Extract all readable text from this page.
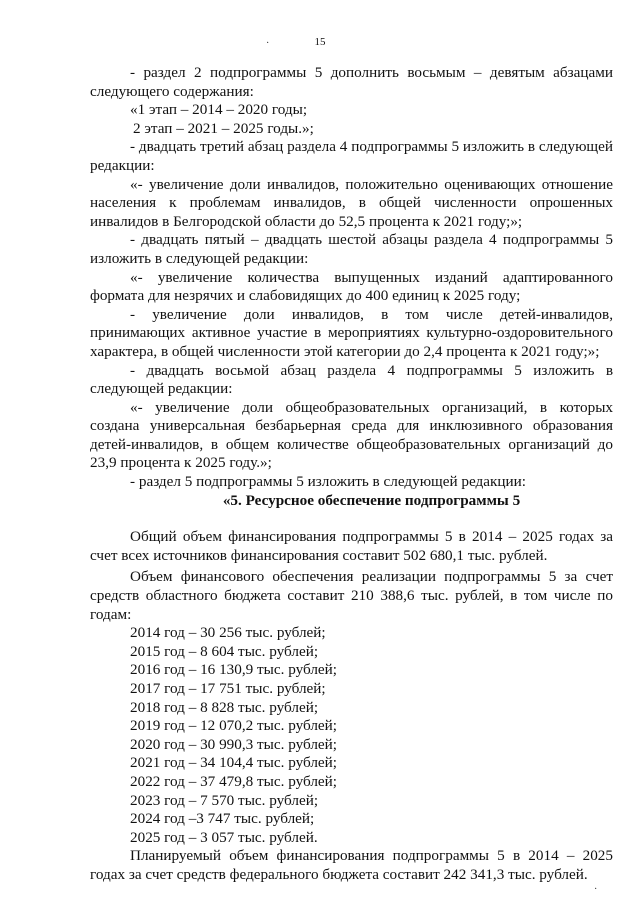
15

- раздел 2 подпрограммы 5 дополнить восьмым – девятым абзацами следующего содержания:

«1 этап – 2014 – 2020 годы;

2 этап – 2021 – 2025 годы.»;

- двадцать третий абзац раздела 4 подпрограммы 5 изложить в следующей редакции:

«- увеличение доли инвалидов, положительно оценивающих отношение населения к проблемам инвалидов, в общей численности опрошенных инвалидов в Белгородской области до 52,5 процента к 2021 году;»;

- двадцать пятый – двадцать шестой абзацы раздела 4 подпрограммы 5 изложить в следующей редакции:

«- увеличение количества выпущенных изданий адаптированного формата для незрячих и слабовидящих до 400 единиц к 2025 году;

- увеличение доли инвалидов, в том числе детей-инвалидов, принимающих активное участие в мероприятиях культурно-оздоровительного характера, в общей численности этой категории до 2,4 процента к 2021 году;»;

- двадцать восьмой абзац раздела 4 подпрограммы 5 изложить в следующей редакции:

«- увеличение доли общеобразовательных организаций, в которых создана универсальная безбарьерная среда для инклюзивного образования детей-инвалидов, в общем количестве общеобразовательных организаций до 23,9 процента к 2025 году.»;

- раздел 5 подпрограммы 5 изложить в следующей редакции:

«5. Ресурсное обеспечение подпрограммы 5

Общий объем финансирования подпрограммы 5 в 2014 – 2025 годах за счет всех источников финансирования составит 502 680,1 тыс. рублей.

Объем финансового обеспечения реализации подпрограммы 5 за счет средств областного бюджета составит 210 388,6 тыс. рублей, в том числе по годам:

2014 год – 30 256 тыс. рублей;

2015 год – 8 604 тыс. рублей;

2016 год – 16 130,9 тыс. рублей;

2017 год – 17 751 тыс. рублей;

2018 год – 8 828 тыс. рублей;

2019 год – 12 070,2 тыс. рублей;

2020 год – 30 990,3 тыс. рублей;

2021 год – 34 104,4 тыс. рублей;

2022 год – 37 479,8 тыс. рублей;

2023 год – 7 570 тыс. рублей;

2024 год –3 747 тыс. рублей;

2025 год – 3 057 тыс. рублей.

Планируемый объем финансирования подпрограммы 5 в 2014 – 2025 годах за счет средств федерального бюджета составит 242 341,3 тыс. рублей.

·
·
